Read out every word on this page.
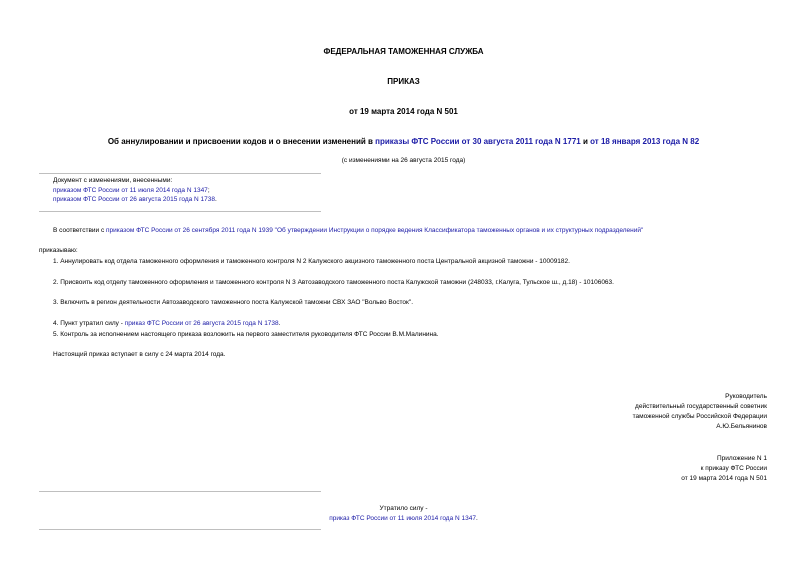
ФЕДЕРАЛЬНАЯ ТАМОЖЕННАЯ СЛУЖБА
ПРИКАЗ
от 19 марта 2014 года N 501
Об аннулировании и присвоении кодов и о внесении изменений в приказы ФТС России от 30 августа 2011 года N 1771 и от 18 января 2013 года N 82
(с изменениями на 26 августа 2015 года)
Документ с изменениями, внесенными:
приказом ФТС России от 11 июля 2014 года N 1347;
приказом ФТС России от 26 августа 2015 года N 1738.
В соответствии с приказом ФТС России от 26 сентября 2011 года N 1939 "Об утверждении Инструкции о порядке ведения Классификатора таможенных органов и их структурных подразделений"
приказываю:
1. Аннулировать код отдела таможенного оформления и таможенного контроля N 2 Калужского акцизного таможенного поста Центральной акцизной таможни - 10009182.
2. Присвоить код отделу таможенного оформления и таможенного контроля N 3 Автозаводского таможенного поста Калужской таможни (248033, г.Калуга, Тульское ш., д.18) - 10106063.
3. Включить в регион деятельности Автозаводского таможенного поста Калужской таможни СВХ ЗАО "Вольво Восток".
4. Пункт утратил силу - приказ ФТС России от 26 августа 2015 года N 1738.
5. Контроль за исполнением настоящего приказа возложить на первого заместителя руководителя ФТС России В.М.Малинина.
Настоящий приказ вступает в силу с 24 марта 2014 года.
Руководитель
действительный государственный советник
таможенной службы Российской Федерации
А.Ю.Бельянинов
Приложение N 1
к приказу ФТС России
от 19 марта 2014 года N 501
Утратило силу -
приказ ФТС России от 11 июля 2014 года N 1347.
